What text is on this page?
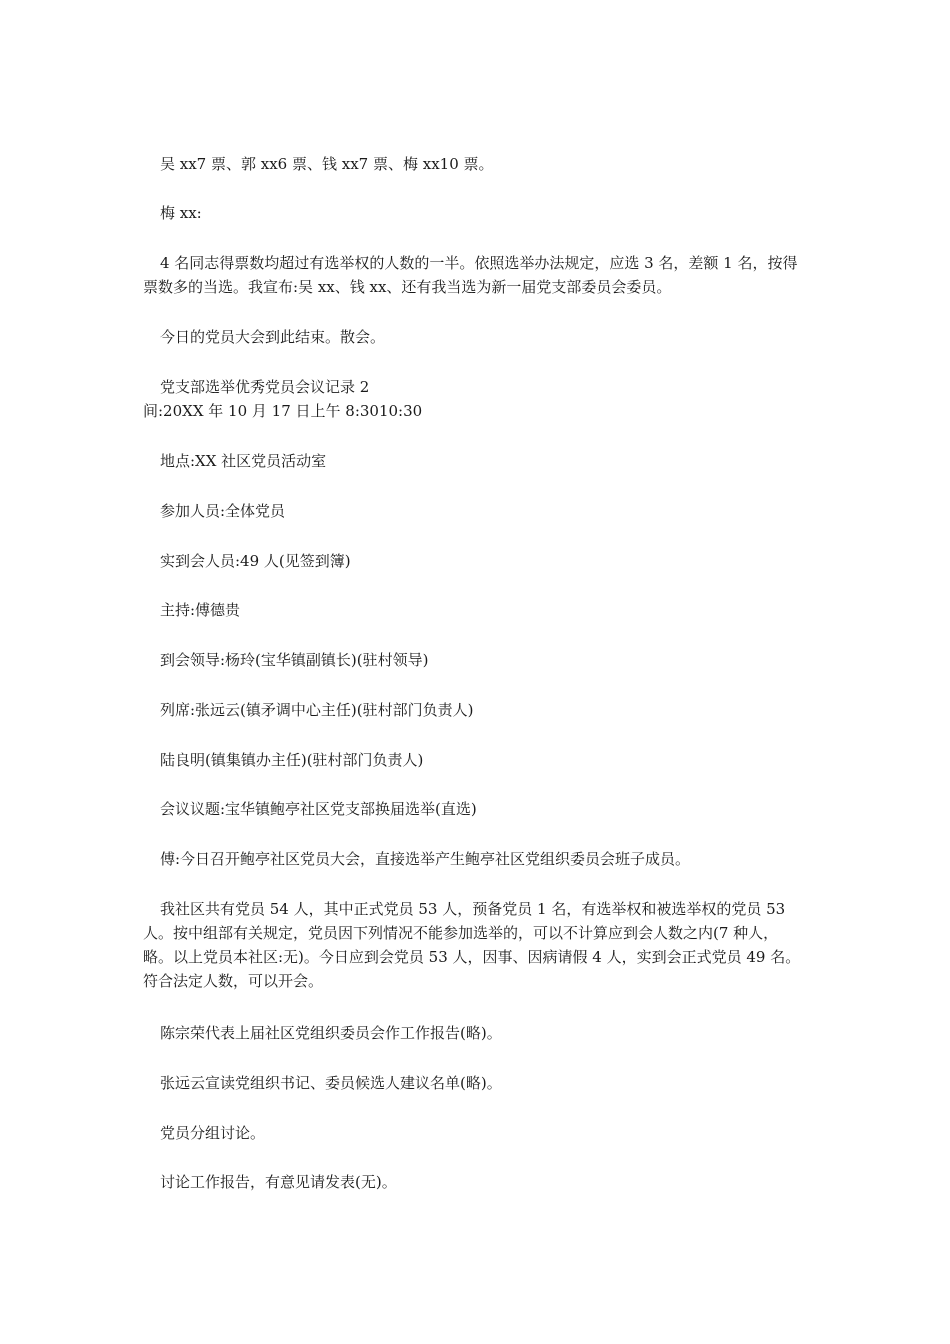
吴 xx7 票、郭 xx6 票、钱 xx7 票、梅 xx10 票。

梅 xx:

4 名同志得票数均超过有选举权的人数的一半。依照选举办法规定，应选 3 名，差额 1 名，按得票数多的当选。我宣布:吴 xx、钱 xx、还有我当选为新一届党支部委员会委员。

今日的党员大会到此结束。散会。

党支部选举优秀党员会议记录 2

间:20XX 年 10 月 17 日上午 8:3010:30

地点:XX 社区党员活动室

参加人员:全体党员

实到会人员:49 人(见签到簿)

主持:傅德贵

到会领导:杨玲(宝华镇副镇长)(驻村领导)

列席:张远云(镇矛调中心主任)(驻村部门负责人)

陆良明(镇集镇办主任)(驻村部门负责人)

会议议题:宝华镇鲍亭社区党支部换届选举(直选)

傅:今日召开鲍亭社区党员大会，直接选举产生鲍亭社区党组织委员会班子成员。

我社区共有党员 54 人，其中正式党员 53 人，预备党员 1 名，有选举权和被选举权的党员 53 人。按中组部有关规定，党员因下列情况不能参加选举的，可以不计算应到会人数之内(7 种人，略。以上党员本社区:无)。今日应到会党员 53 人，因事、因病请假 4 人，实到会正式党员 49 名。符合法定人数，可以开会。

陈宗荣代表上届社区党组织委员会作工作报告(略)。

张远云宣读党组织书记、委员候选人建议名单(略)。

党员分组讨论。

讨论工作报告，有意见请发表(无)。
